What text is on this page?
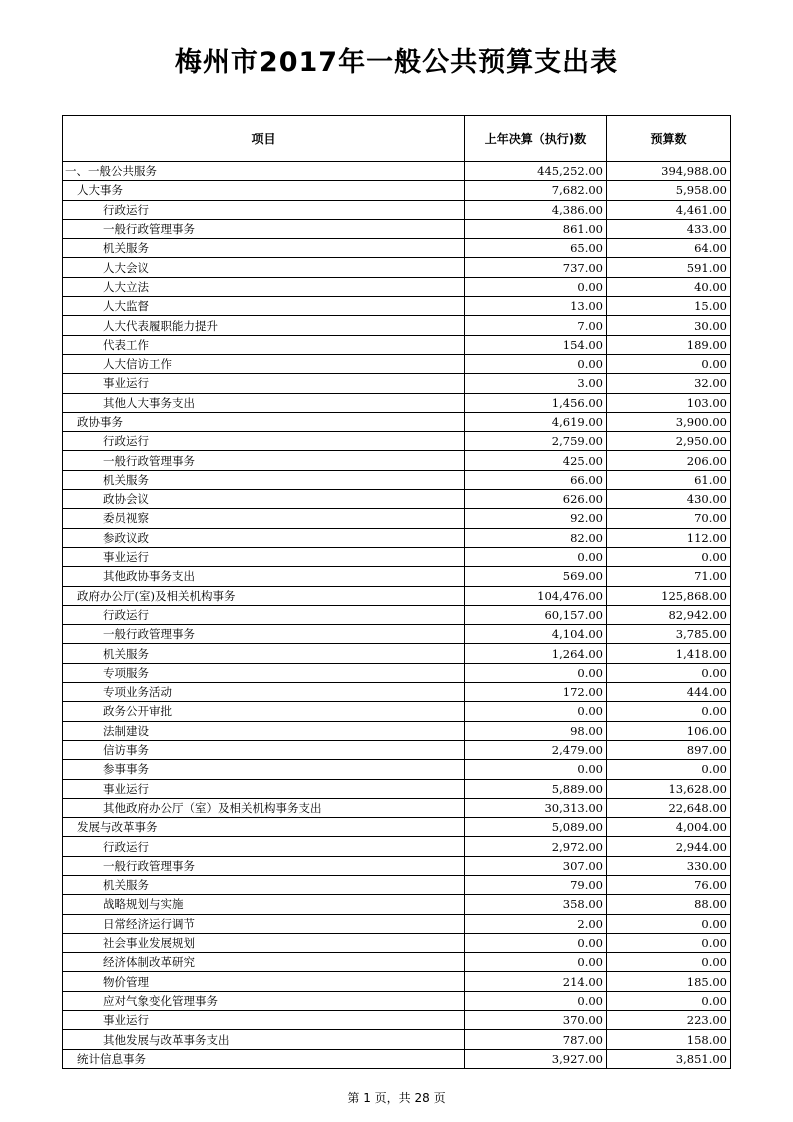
梅州市2017年一般公共预算支出表
项目	上年决算（执行)数	预算数
一、一般公共服务	445,252.00	394,988.00
人大事务	7,682.00	5,958.00
行政运行	4,386.00	4,461.00
一般行政管理事务	861.00	433.00
机关服务	65.00	64.00
人大会议	737.00	591.00
人大立法	0.00	40.00
人大监督	13.00	15.00
人大代表履职能力提升	7.00	30.00
代表工作	154.00	189.00
人大信访工作	0.00	0.00
事业运行	3.00	32.00
其他人大事务支出	1,456.00	103.00
政协事务	4,619.00	3,900.00
行政运行	2,759.00	2,950.00
一般行政管理事务	425.00	206.00
机关服务	66.00	61.00
政协会议	626.00	430.00
委员视察	92.00	70.00
参政议政	82.00	112.00
事业运行	0.00	0.00
其他政协事务支出	569.00	71.00
政府办公厅(室)及相关机构事务	104,476.00	125,868.00
行政运行	60,157.00	82,942.00
一般行政管理事务	4,104.00	3,785.00
机关服务	1,264.00	1,418.00
专项服务	0.00	0.00
专项业务活动	172.00	444.00
政务公开审批	0.00	0.00
法制建设	98.00	106.00
信访事务	2,479.00	897.00
参事事务	0.00	0.00
事业运行	5,889.00	13,628.00
其他政府办公厅（室）及相关机构事务支出	30,313.00	22,648.00
发展与改革事务	5,089.00	4,004.00
行政运行	2,972.00	2,944.00
一般行政管理事务	307.00	330.00
机关服务	79.00	76.00
战略规划与实施	358.00	88.00
日常经济运行调节	2.00	0.00
社会事业发展规划	0.00	0.00
经济体制改革研究	0.00	0.00
物价管理	214.00	185.00
应对气象变化管理事务	0.00	0.00
事业运行	370.00	223.00
其他发展与改革事务支出	787.00	158.00
统计信息事务	3,927.00	3,851.00
第 1 页，共 28 页
